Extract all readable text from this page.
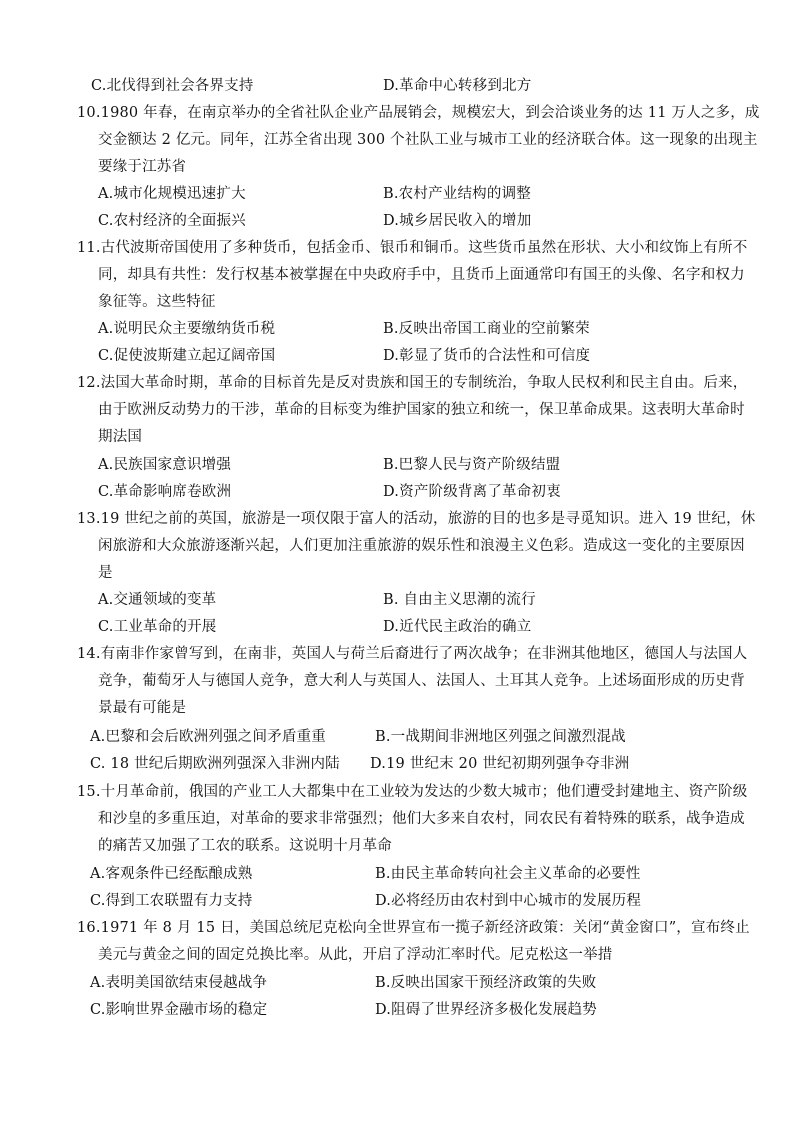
C.北伐得到社会各界支持	D.革命中心转移到北方
10.1980 年春，在南京举办的全省社队企业产品展销会，规模宏大，到会洽谈业务的达 11 万人之多，成
交金额达 2 亿元。同年，江苏全省出现 300 个社队工业与城市工业的经济联合体。这一现象的出现主
要缘于江苏省
A.城市化规模迅速扩大	B.农村产业结构的调整
C.农村经济的全面振兴	D.城乡居民收入的增加
11.古代波斯帝国使用了多种货币，包括金币、银币和铜币。这些货币虽然在形状、大小和纹饰上有所不
同，却具有共性：发行权基本被掌握在中央政府手中，且货币上面通常印有国王的头像、名字和权力
象征等。这些特征
A.说明民众主要缴纳货币税	B.反映出帝国工商业的空前繁荣
C.促使波斯建立起辽阔帝国	D.彰显了货币的合法性和可信度
12.法国大革命时期，革命的目标首先是反对贵族和国王的专制统治，争取人民权利和民主自由。后来，
由于欧洲反动势力的干涉，革命的目标变为维护国家的独立和统一，保卫革命成果。这表明大革命时
期法国
A.民族国家意识增强	B.巴黎人民与资产阶级结盟
C.革命影响席卷欧洲	D.资产阶级背离了革命初衷
13.19 世纪之前的英国，旅游是一项仅限于富人的活动，旅游的目的也多是寻觅知识。进入 19 世纪，休
闲旅游和大众旅游逐渐兴起，人们更加注重旅游的娱乐性和浪漫主义色彩。造成这一变化的主要原因
是
A.交通领域的变革	B. 自由主义思潮的流行
C.工业革命的开展	D.近代民主政治的确立
14.有南非作家曾写到，在南非，英国人与荷兰后裔进行了两次战争；在非洲其他地区，德国人与法国人
竞争，葡萄牙人与德国人竞争，意大利人与英国人、法国人、土耳其人竞争。上述场面形成的历史背
景最有可能是
A.巴黎和会后欧洲列强之间矛盾重重	B.一战期间非洲地区列强之间激烈混战
C. 18 世纪后期欧洲列强深入非洲内陆 D.19 世纪末 20 世纪初期列强争夺非洲
15.十月革命前，俄国的产业工人大都集中在工业较为发达的少数大城市；他们遭受封建地主、资产阶级
和沙皇的多重压迫，对革命的要求非常强烈；他们大多来自农村，同农民有着特殊的联系，战争造成
的痛苦又加强了工农的联系。这说明十月革命
A.客观条件已经酝酿成熟	B.由民主革命转向社会主义革命的必要性
C.得到工农联盟有力支持	D.必将经历由农村到中心城市的发展历程
16.1971 年 8 月 15 日，美国总统尼克松向全世界宣布一揽子新经济政策：关闭“黄金窗口”，宣布终止
美元与黄金之间的固定兑换比率。从此，开启了浮动汇率时代。尼克松这一举措
A.表明美国欲结束侵越战争	B.反映出国家干预经济政策的失败
C.影响世界金融市场的稳定	D.阻碍了世界经济多极化发展趋势
